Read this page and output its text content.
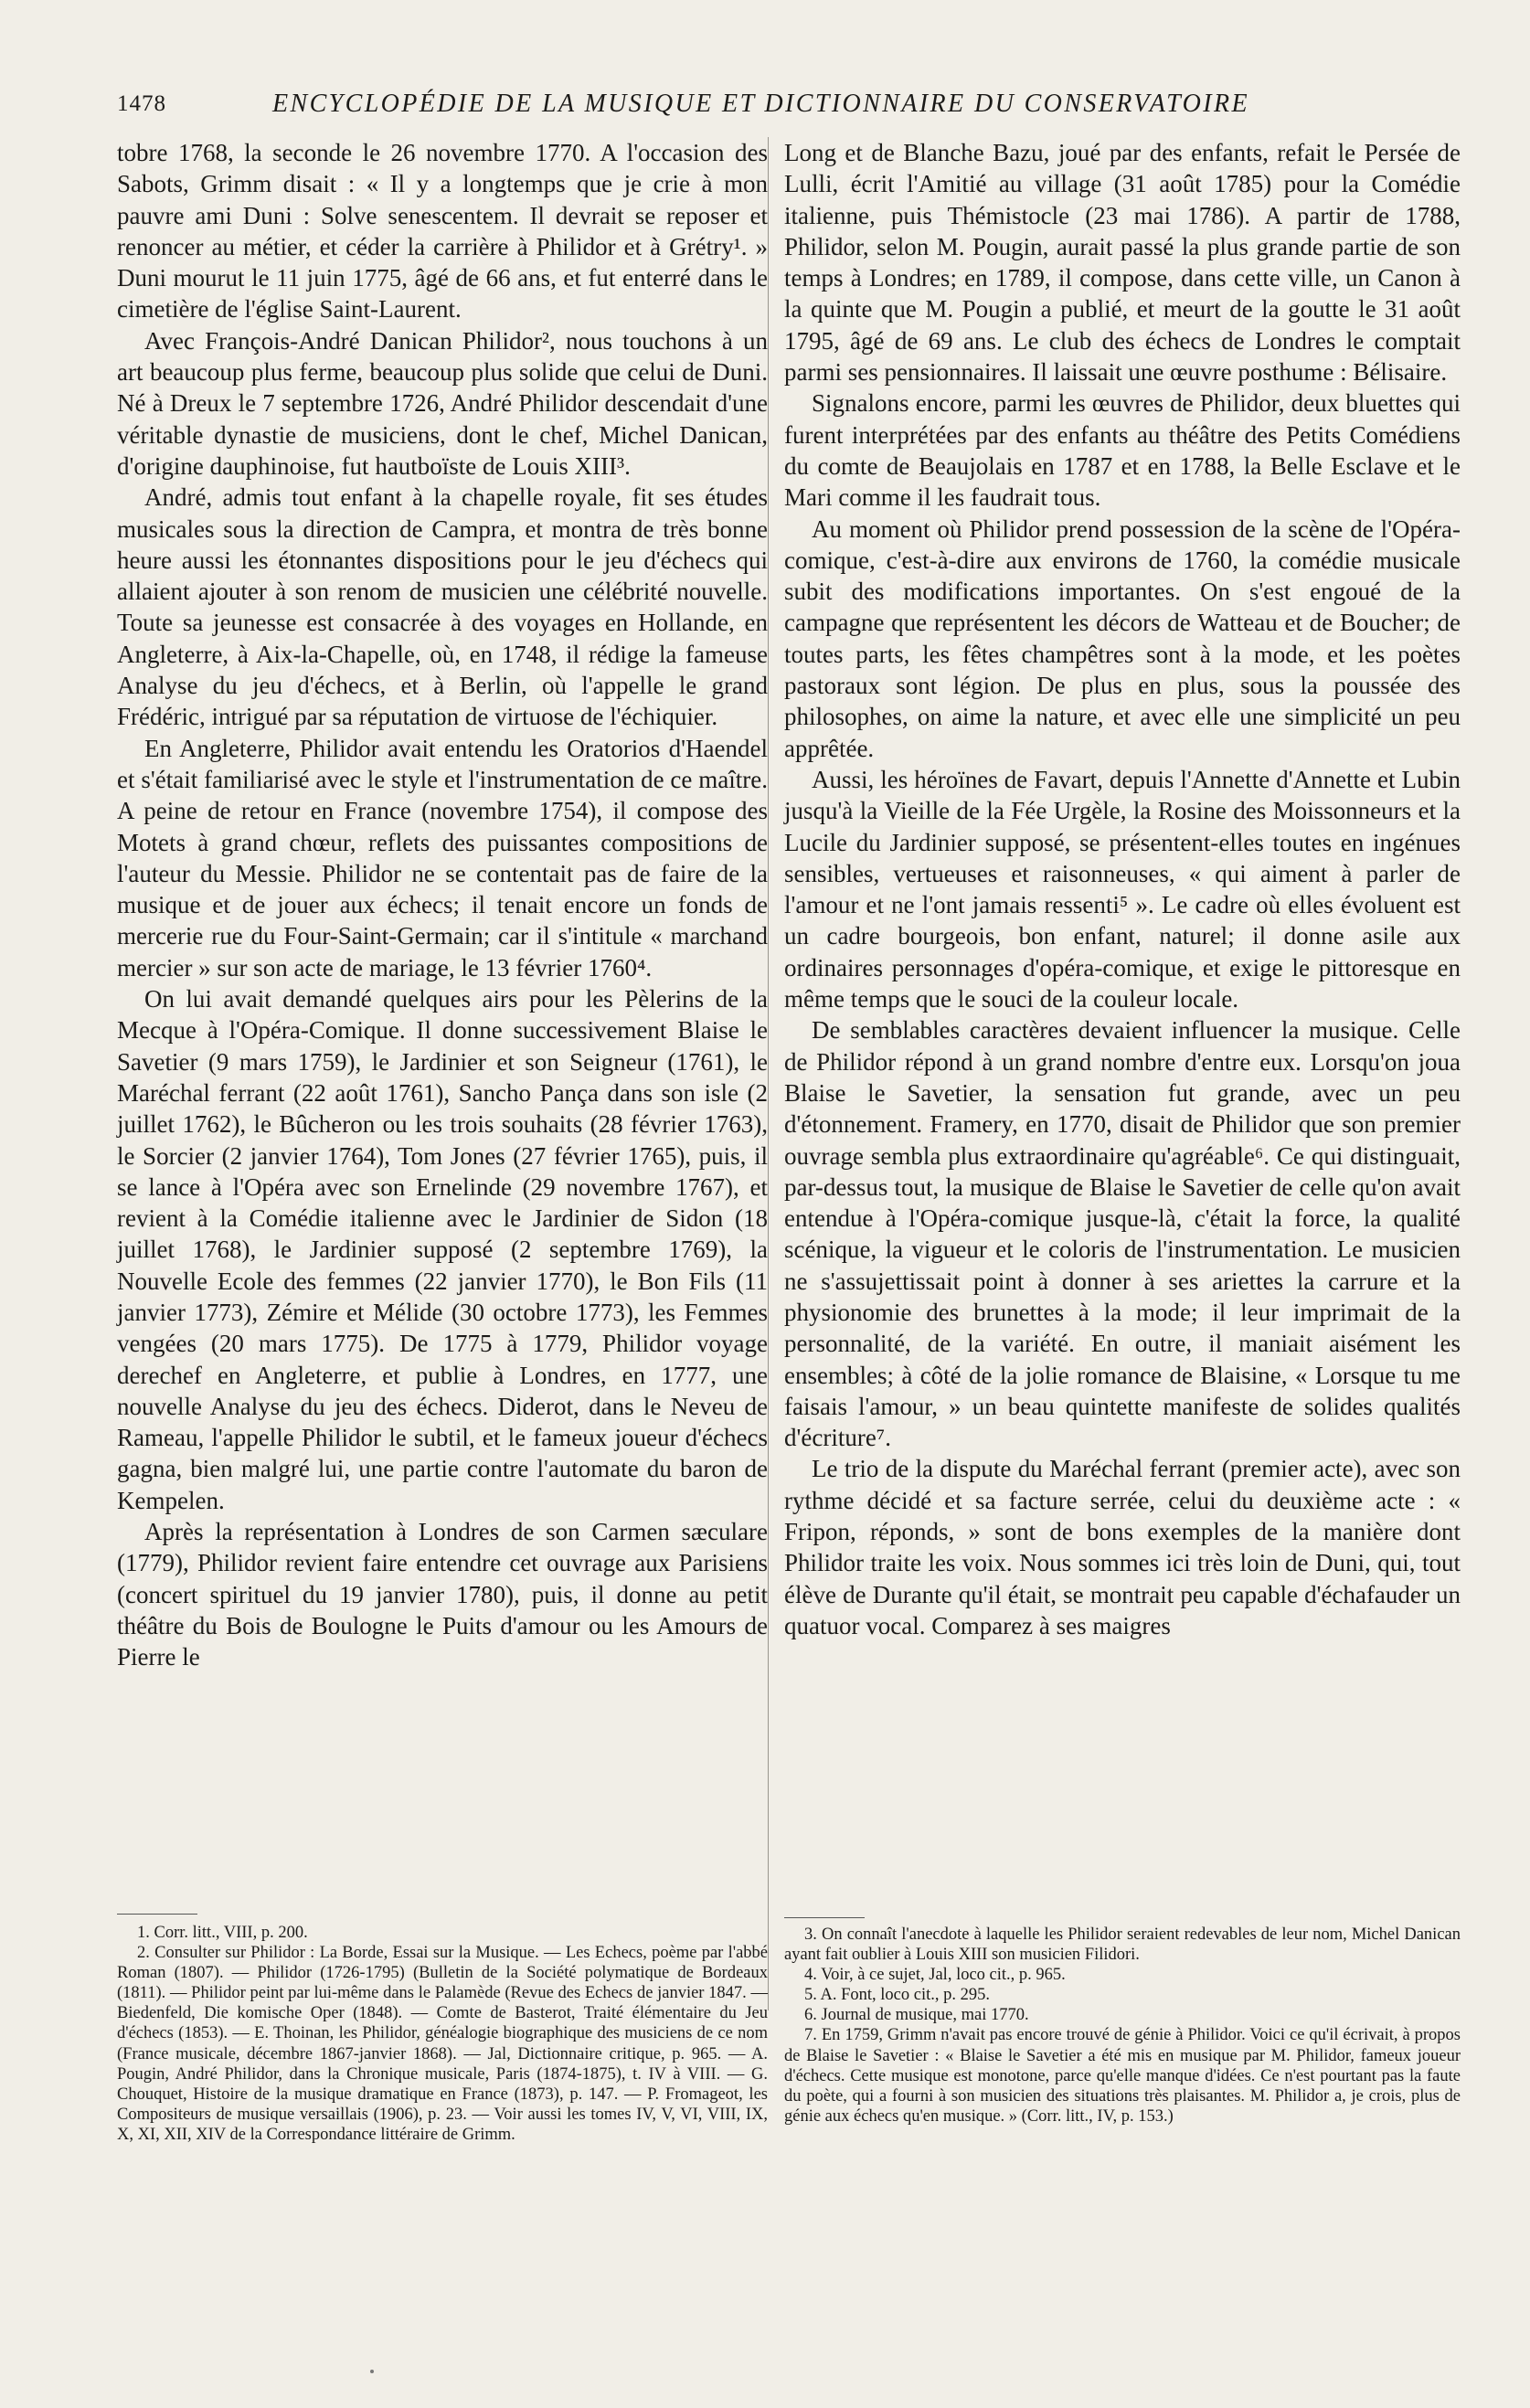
1478	ENCYCLOPÉDIE DE LA MUSIQUE ET DICTIONNAIRE DU CONSERVATOIRE

tobre 1768, la seconde le 26 novembre 1770. A l'occasion des Sabots, Grimm disait : « Il y a longtemps que je crie à mon pauvre ami Duni : Solve senescentem. Il devrait se reposer et renoncer au métier, et céder la carrière à Philidor et à Grétry¹. » Duni mourut le 11 juin 1775, âgé de 66 ans, et fut enterré dans le cimetière de l'église Saint-Laurent.

Avec François-André Danican Philidor², nous touchons à un art beaucoup plus ferme, beaucoup plus solide que celui de Duni. Né à Dreux le 7 septembre 1726, André Philidor descendait d'une véritable dynastie de musiciens, dont le chef, Michel Danican, d'origine dauphinoise, fut hautboïste de Louis XIII³.

André, admis tout enfant à la chapelle royale, fit ses études musicales sous la direction de Campra, et montra de très bonne heure aussi les étonnantes dispositions pour le jeu d'échecs qui allaient ajouter à son renom de musicien une célébrité nouvelle. Toute sa jeunesse est consacrée à des voyages en Hollande, en Angleterre, à Aix-la-Chapelle, où, en 1748, il rédige la fameuse Analyse du jeu d'échecs, et à Berlin, où l'appelle le grand Frédéric, intrigué par sa réputation de virtuose de l'échiquier.

En Angleterre, Philidor avait entendu les Oratorios d'Haendel et s'était familiarisé avec le style et l'instrumentation de ce maître. A peine de retour en France (novembre 1754), il compose des Motets à grand chœur, reflets des puissantes compositions de l'auteur du Messie. Philidor ne se contentait pas de faire de la musique et de jouer aux échecs; il tenait encore un fonds de mercerie rue du Four-Saint-Germain; car il s'intitule « marchand mercier » sur son acte de mariage, le 13 février 1760⁴.

On lui avait demandé quelques airs pour les Pèlerins de la Mecque à l'Opéra-Comique. Il donne successivement Blaise le Savetier (9 mars 1759), le Jardinier et son Seigneur (1761), le Maréchal ferrant (22 août 1761), Sancho Pança dans son isle (2 juillet 1762), le Bûcheron ou les trois souhaits (28 février 1763), le Sorcier (2 janvier 1764), Tom Jones (27 février 1765), puis, il se lance à l'Opéra avec son Ernelinde (29 novembre 1767), et revient à la Comédie italienne avec le Jardinier de Sidon (18 juillet 1768), le Jardinier supposé (2 septembre 1769), la Nouvelle Ecole des femmes (22 janvier 1770), le Bon Fils (11 janvier 1773), Zémire et Mélide (30 octobre 1773), les Femmes vengées (20 mars 1775). De 1775 à 1779, Philidor voyage derechef en Angleterre, et publie à Londres, en 1777, une nouvelle Analyse du jeu des échecs. Diderot, dans le Neveu de Rameau, l'appelle Philidor le subtil, et le fameux joueur d'échecs gagna, bien malgré lui, une partie contre l'automate du baron de Kempelen.

Après la représentation à Londres de son Carmen sæculare (1779), Philidor revient faire entendre cet ouvrage aux Parisiens (concert spirituel du 19 janvier 1780), puis, il donne au petit théâtre du Bois de Boulogne le Puits d'amour ou les Amours de Pierre le

Long et de Blanche Bazu, joué par des enfants, refait le Persée de Lulli, écrit l'Amitié au village (31 août 1785) pour la Comédie italienne, puis Thémistocle (23 mai 1786). A partir de 1788, Philidor, selon M. Pougin, aurait passé la plus grande partie de son temps à Londres; en 1789, il compose, dans cette ville, un Canon à la quinte que M. Pougin a publié, et meurt de la goutte le 31 août 1795, âgé de 69 ans. Le club des échecs de Londres le comptait parmi ses pensionnaires. Il laissait une œuvre posthume : Bélisaire.

Signalons encore, parmi les œuvres de Philidor, deux bluettes qui furent interprétées par des enfants au théâtre des Petits Comédiens du comte de Beaujolais en 1787 et en 1788, la Belle Esclave et le Mari comme il les faudrait tous.

Au moment où Philidor prend possession de la scène de l'Opéra-comique, c'est-à-dire aux environs de 1760, la comédie musicale subit des modifications importantes. On s'est engoué de la campagne que représentent les décors de Watteau et de Boucher; de toutes parts, les fêtes champêtres sont à la mode, et les poètes pastoraux sont légion. De plus en plus, sous la poussée des philosophes, on aime la nature, et avec elle une simplicité un peu apprêtée.

Aussi, les héroïnes de Favart, depuis l'Annette d'Annette et Lubin jusqu'à la Vieille de la Fée Urgèle, la Rosine des Moissonneurs et la Lucile du Jardinier supposé, se présentent-elles toutes en ingénues sensibles, vertueuses et raisonneuses, « qui aiment à parler de l'amour et ne l'ont jamais ressenti⁵ ». Le cadre où elles évoluent est un cadre bourgeois, bon enfant, naturel; il donne asile aux ordinaires personnages d'opéra-comique, et exige le pittoresque en même temps que le souci de la couleur locale.

De semblables caractères devaient influencer la musique. Celle de Philidor répond à un grand nombre d'entre eux. Lorsqu'on joua Blaise le Savetier, la sensation fut grande, avec un peu d'étonnement. Framery, en 1770, disait de Philidor que son premier ouvrage sembla plus extraordinaire qu'agréable⁶. Ce qui distinguait, par-dessus tout, la musique de Blaise le Savetier de celle qu'on avait entendue à l'Opéra-comique jusque-là, c'était la force, la qualité scénique, la vigueur et le coloris de l'instrumentation. Le musicien ne s'assujettissait point à donner à ses ariettes la carrure et la physionomie des brunettes à la mode; il leur imprimait de la personnalité, de la variété. En outre, il maniait aisément les ensembles; à côté de la jolie romance de Blaisine, « Lorsque tu me faisais l'amour, » un beau quintette manifeste de solides qualités d'écriture⁷.

Le trio de la dispute du Maréchal ferrant (premier acte), avec son rythme décidé et sa facture serrée, celui du deuxième acte : « Fripon, réponds, » sont de bons exemples de la manière dont Philidor traite les voix. Nous sommes ici très loin de Duni, qui, tout élève de Durante qu'il était, se montrait peu capable d'échafauder un quatuor vocal. Comparez à ses maigres

1. Corr. litt., VIII, p. 200.

2. Consulter sur Philidor : La Borde, Essai sur la Musique. — Les Echecs, poème par l'abbé Roman (1807). — Philidor (1726-1795) (Bulletin de la Société polymatique de Bordeaux (1811). — Philidor peint par lui-même dans le Palamède (Revue des Echecs de janvier 1847. — Biedenfeld, Die komische Oper (1848). — Comte de Basterot, Traité élémentaire du Jeu d'échecs (1853). — E. Thoinan, les Philidor, généalogie biographique des musiciens de ce nom (France musicale, décembre 1867-janvier 1868). — Jal, Dictionnaire critique, p. 965. — A. Pougin, André Philidor, dans la Chronique musicale, Paris (1874-1875), t. IV à VIII. — G. Chouquet, Histoire de la musique dramatique en France (1873), p. 147. — P. Fromageot, les Compositeurs de musique versaillais (1906), p. 23. — Voir aussi les tomes IV, V, VI, VIII, IX, X, XI, XII, XIV de la Correspondance littéraire de Grimm.

3. On connaît l'anecdote à laquelle les Philidor seraient redevables de leur nom, Michel Danican ayant fait oublier à Louis XIII son musicien Filidori.

4. Voir, à ce sujet, Jal, loco cit., p. 965.

5. A. Font, loco cit., p. 295.

6. Journal de musique, mai 1770.

7. En 1759, Grimm n'avait pas encore trouvé de génie à Philidor. Voici ce qu'il écrivait, à propos de Blaise le Savetier : « Blaise le Savetier a été mis en musique par M. Philidor, fameux joueur d'échecs. Cette musique est monotone, parce qu'elle manque d'idées. Ce n'est pourtant pas la faute du poète, qui a fourni à son musicien des situations très plaisantes. M. Philidor a, je crois, plus de génie aux échecs qu'en musique. » (Corr. litt., IV, p. 153.)
